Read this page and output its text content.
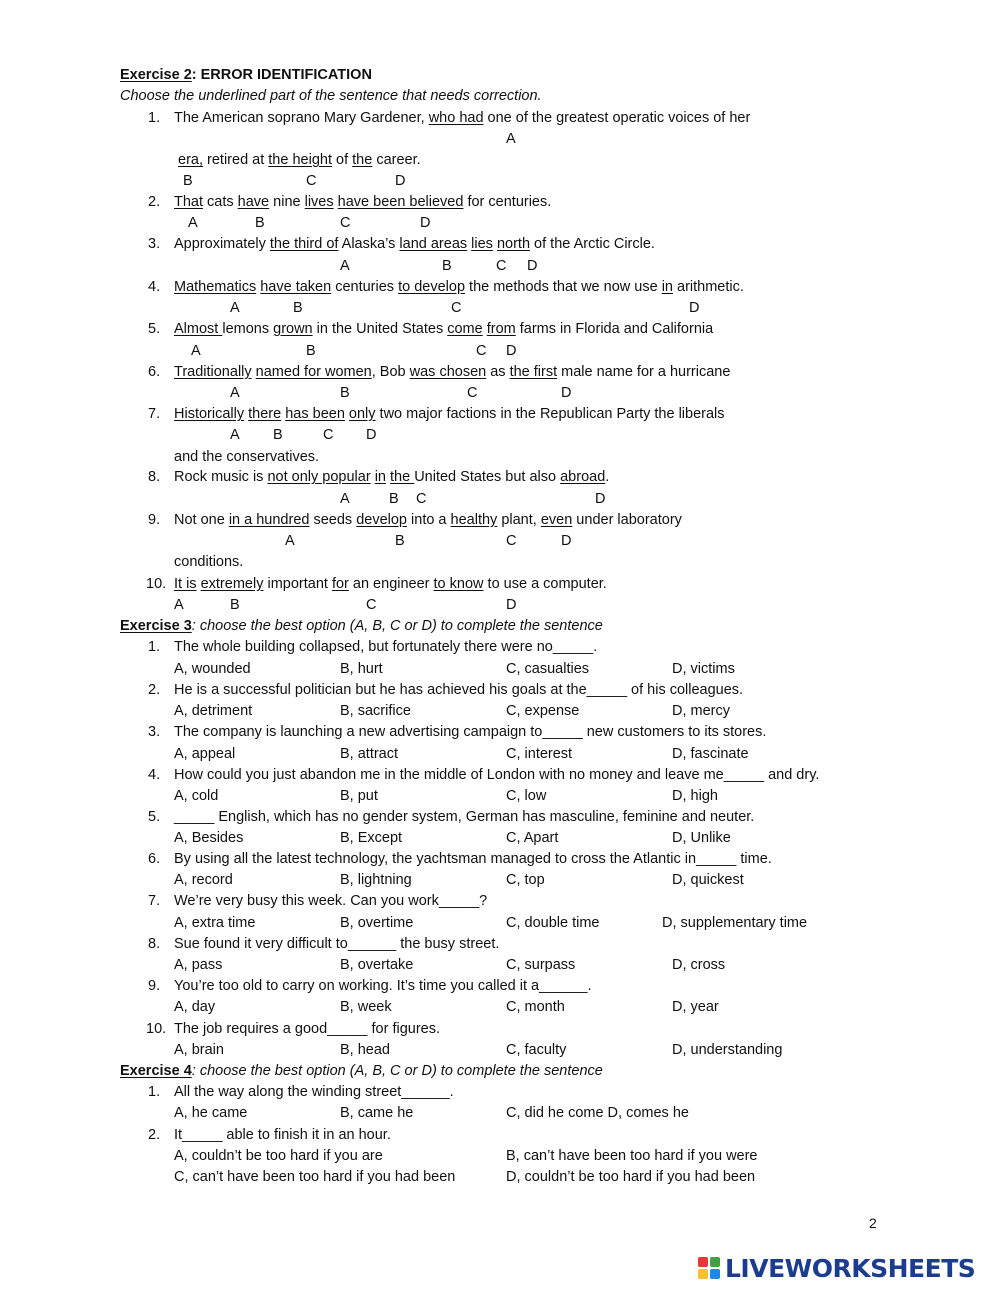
Exercise 2: ERROR IDENTIFICATION
Choose the underlined part of the sentence that needs correction.
1. The American soprano Mary Gardener, who had one of the greatest operatic voices of her
A
era, retired at the height of the career.
B	C	D
2. That cats have nine lives have been believed for centuries.
A	B	C	D
3. Approximately the third of Alaska’s land areas lies north of the Arctic Circle.
A	B	C D
4. Mathematics have taken centuries to develop the methods that we now use in arithmetic.
A	B	C	D
5. Almost lemons grown in the United States come from farms in Florida and California
A	B	C D
6. Traditionally named for women, Bob was chosen as the first male name for a hurricane
A	B	C	D
7. Historically there has been only two major factions in the Republican Party the liberals
A B	C D
and the conservatives.
8. Rock music is not only popular in the United States but also abroad.
A	B C	D
9. Not one in a hundred seeds develop into a healthy plant, even under laboratory
A	B	C	D
conditions.
10. It is extremely important for an engineer to know to use a computer.
A	B	C	D
Exercise 3: choose the best option (A, B, C or D) to complete the sentence
1. The whole building collapsed, but fortunately there were no_____.
A, wounded	B, hurt	C, casualties	D, victims
2. He is a successful politician but he has achieved his goals at the_____ of his colleagues.
A, detriment	B, sacrifice	C, expense	D, mercy
3. The company is launching a new advertising campaign to_____ new customers to its stores.
A, appeal	B, attract	C, interest	D, fascinate
4. How could you just abandon me in the middle of London with no money and leave me_____ and dry.
A, cold	B, put	C, low	D, high
5. _____ English, which has no gender system, German has masculine, feminine and neuter.
A, Besides	B, Except	C, Apart	D, Unlike
6. By using all the latest technology, the yachtsman managed to cross the Atlantic in_____ time.
A, record	B, lightning	C, top	D, quickest
7. We’re very busy this week. Can you work_____?
A, extra time	B, overtime	C, double time	D, supplementary time
8. Sue found it very difficult to______ the busy street.
A, pass	B, overtake	C, surpass	D, cross
9. You’re too old to carry on working. It’s time you called it a______.
A, day	B, week	C, month	D, year
10. The job requires a good_____ for figures.
A, brain	B, head	C, faculty	D, understanding
Exercise 4: choose the best option (A, B, C or D) to complete the sentence
1. All the way along the winding street______.
A, he came	B, came he	C, did he come D, comes he
2. It_____ able to finish it in an hour.
A, couldn’t be too hard if you are	B, can’t have been too hard if you were
C, can’t have been too hard if you had been	D, couldn’t be too hard if you had been
2
LIVEWORKSHEETS
